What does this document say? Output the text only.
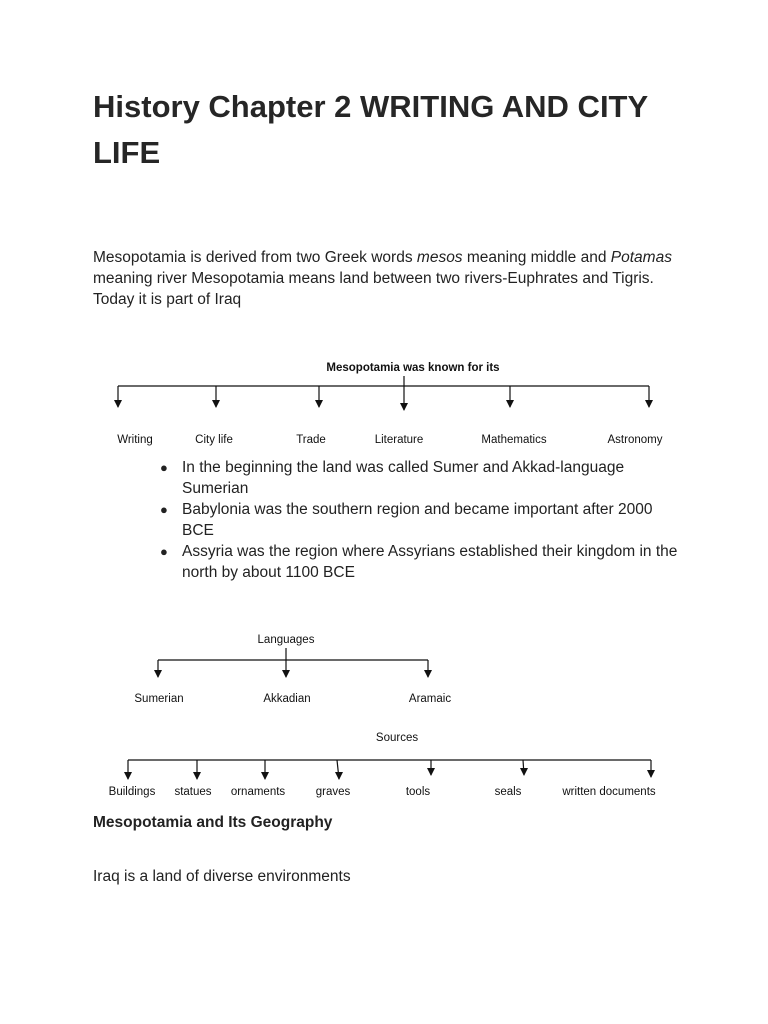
History Chapter 2 WRITING AND CITY LIFE

Mesopotamia is derived from two Greek words mesos meaning middle and Potamas meaning river Mesopotamia means land between two rivers-Euphrates and Tigris. Today it is part of Iraq

Mesopotamia was known for its
Writing	City life	Trade	Literature	Mathematics	Astronomy
Languages
Sumerian	Akkadian	Aramaic
Sources
Buildings statues ornaments	graves	tools	seals	written documents
● In the beginning the land was called Sumer and Akkad-language Sumerian
● Babylonia was the southern region and became important after 2000 BCE
● Assyria was the region where Assyrians established their kingdom in the north by about 1100 BCE
Mesopotamia and Its Geography

Iraq is a land of diverse environments
